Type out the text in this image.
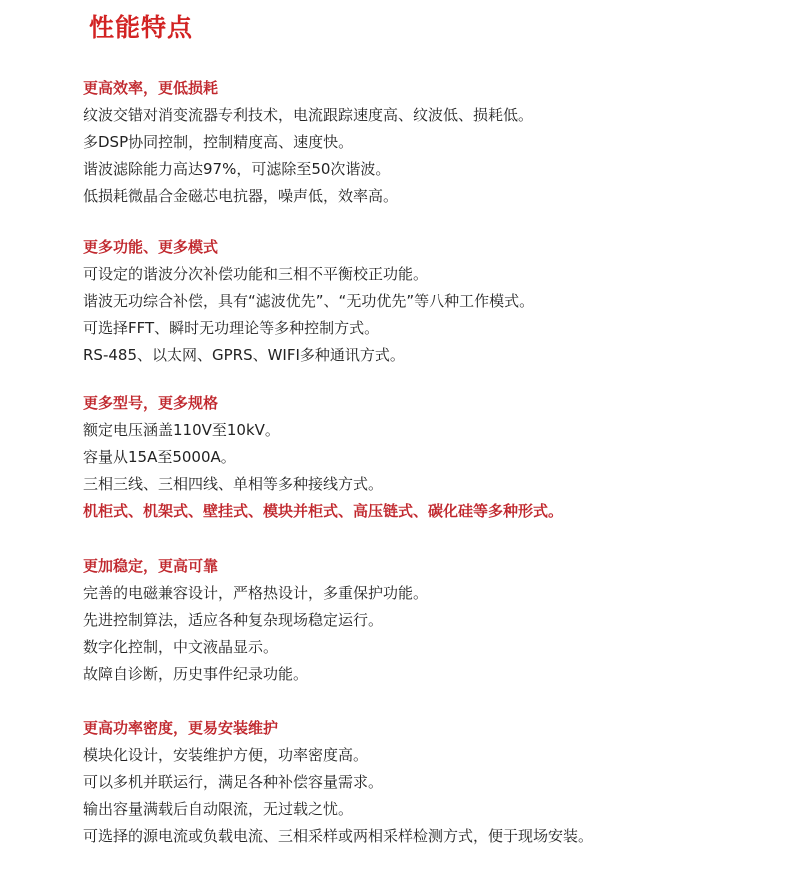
性能特点
更高效率，更低损耗
纹波交错对消变流器专利技术，电流跟踪速度高、纹波低、损耗低。
多DSP协同控制，控制精度高、速度快。
谐波滤除能力高达97%，可滤除至50次谐波。
低损耗微晶合金磁芯电抗器，噪声低，效率高。
更多功能、更多模式
可设定的谐波分次补偿功能和三相不平衡校正功能。
谐波无功综合补偿，具有“滤波优先”、“无功优先”等八种工作模式。
可选择FFT、瞬时无功理论等多种控制方式。
RS-485、以太网、GPRS、WIFI多种通讯方式。
更多型号，更多规格
额定电压涵盖110V至10kV。
容量从15A至5000A。
三相三线、三相四线、单相等多种接线方式。
机柜式、机架式、壁挂式、模块并柜式、高压链式、碳化硅等多种形式。
更加稳定，更高可靠
完善的电磁兼容设计，严格热设计，多重保护功能。
先进控制算法，适应各种复杂现场稳定运行。
数字化控制，中文液晶显示。
故障自诊断，历史事件纪录功能。
更高功率密度，更易安装维护
模块化设计，安装维护方便，功率密度高。
可以多机并联运行，满足各种补偿容量需求。
输出容量满载后自动限流，无过载之忧。
可选择的源电流或负载电流、三相采样或两相采样检测方式，便于现场安装。
